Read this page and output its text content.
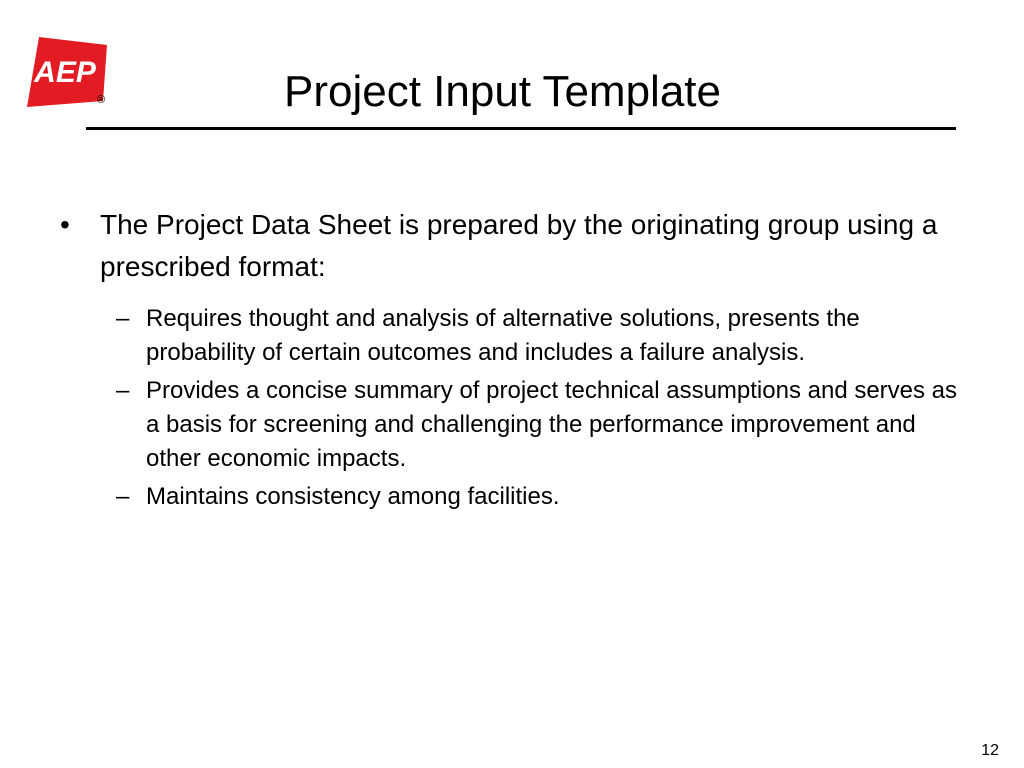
AEP
®	Project Input Template
• The Project Data Sheet is prepared by the originating group using a prescribed format:
– Requires thought and analysis of alternative solutions, presents the probability of certain outcomes and includes a failure analysis.
– Provides a concise summary of project technical assumptions and serves as a basis for screening and challenging the performance improvement and other economic impacts.
– Maintains consistency among facilities.
12
